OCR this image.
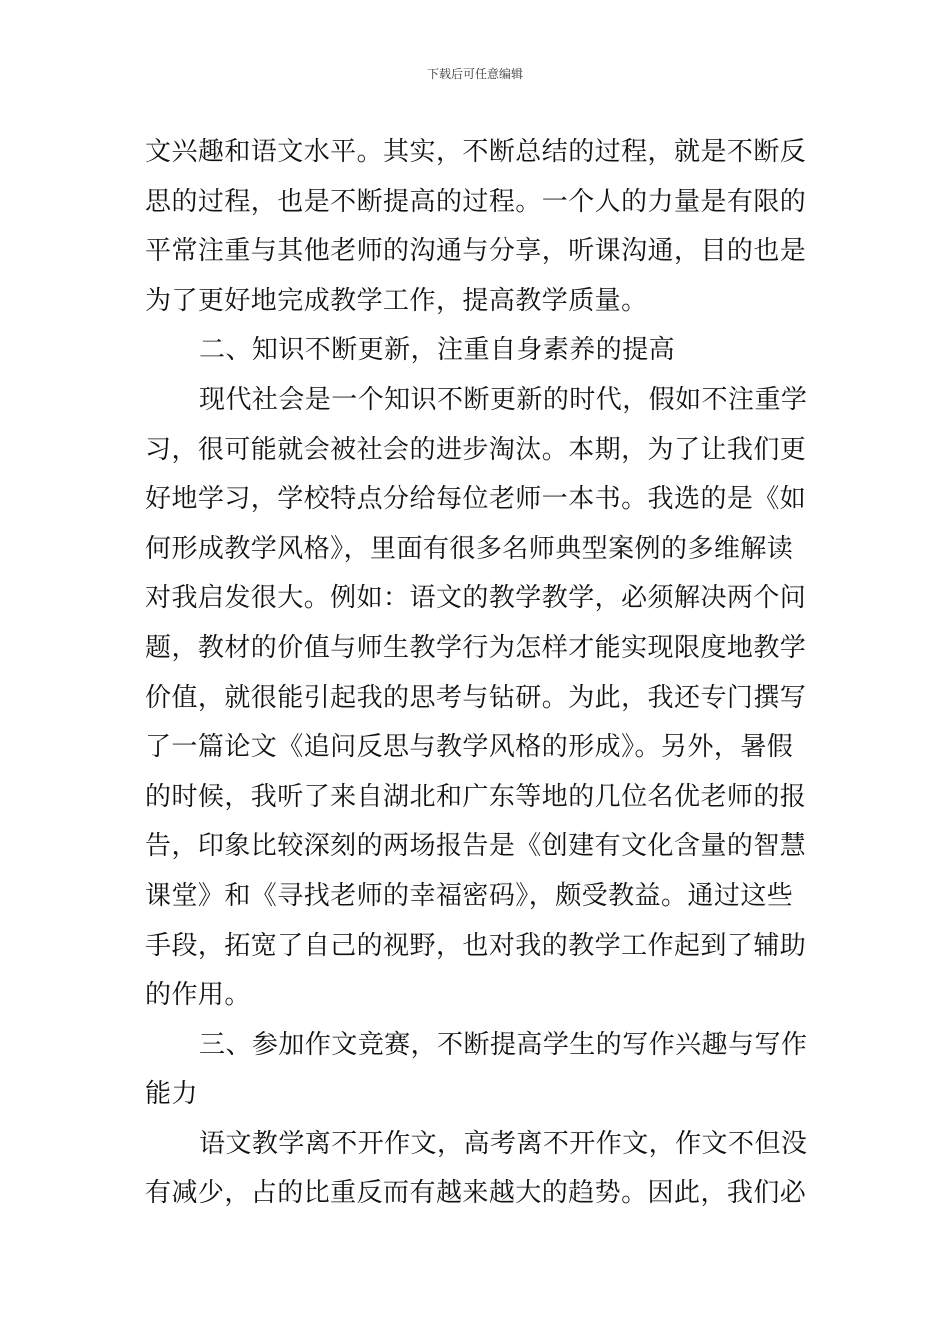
下载后可任意编辑
文兴趣和语文水平。其实，不断总结的过程，就是不断反
思的过程，也是不断提高的过程。一个人的力量是有限的
平常注重与其他老师的沟通与分享，听课沟通，目的也是
为了更好地完成教学工作，提高教学质量。
二、知识不断更新，注重自身素养的提高
现代社会是一个知识不断更新的时代，假如不注重学
习，很可能就会被社会的进步淘汰。本期，为了让我们更
好地学习，学校特点分给每位老师一本书。我选的是《如
何形成教学风格》，里面有很多名师典型案例的多维解读
对我启发很大。例如：语文的教学教学，必须解决两个问
题，教材的价值与师生教学行为怎样才能实现限度地教学
价值，就很能引起我的思考与钻研。为此，我还专门撰写
了一篇论文《追问反思与教学风格的形成》。另外，暑假
的时候，我听了来自湖北和广东等地的几位名优老师的报
告，印象比较深刻的两场报告是《创建有文化含量的智慧
课堂》和《寻找老师的幸福密码》，颇受教益。通过这些
手段，拓宽了自己的视野，也对我的教学工作起到了辅助
的作用。
三、参加作文竞赛，不断提高学生的写作兴趣与写作
能力
语文教学离不开作文，高考离不开作文，作文不但没
有减少，占的比重反而有越来越大的趋势。因此，我们必
